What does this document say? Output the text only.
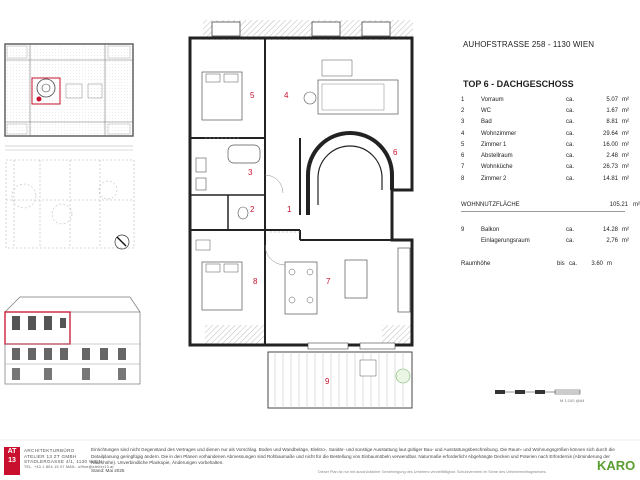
1
2
3
4
5
6
7
8
9
AUHOFSTRASSE 258 - 1130 WIEN
TOP 6 - DACHGESCHOSS
1	Vorraum	ca.	5.07	m²
2	WC	ca.	1.67	m²
3	Bad	ca.	8.81	m²
4	Wohnzimmer	ca.	29.64	m²
5	Zimmer 1	ca.	16.00	m²
6	Abstellraum	ca.	2.48	m²
7	Wohnküche	ca.	26.73	m²
8	Zimmer 2	ca.	14.81	m²
WOHNNUTZFLÄCHE	105.21 m²

9	Balkon	ca.	14.28	m²
	Einlagerungsraum	ca.	2,76	m²
Raumhöhe	bis ca. 3.60 m
M 1:100 @A4
AT 13
ARCHITEKTURBÜRO
ATELIER 13 ZT GMBH
STADLERGASSE 4/1, 1130 WIEN
TEL. +43 1 804 15 07 MAIL: office@atelier13.at
Einrichtungen sind nicht Gegenstand des Vertrages und dienen nur als Vorschlag. Boden und Wandbeläge, Elektro-, Sanitär- und sonstige Ausstattung laut gültiger Bau- und Ausstattungsbeschreibung. Die Raum- und Wohnungsgrößen können sich durch die Detailplanung geringfügig ändern. Die in den Plänen vorhandenen Abmessungen sind Rohbaumaße und nicht für die Bestellung von Einbaumöbeln verwendbar. Naturmaße erforderlich! Abgehängte Decken und Poterien nach Erfordernis (Abminderung der Raumhöhe). Unverbindliche Plankopie, Änderungen vorbehalten.
Stand: Mai 2025	Dieser Plan ist nur mit ausdrücklicher Genehmigung des Urhebers vervielfältigbar. Schutzvermerk im Sinne des Urheberrechtsgesetzes.	KARO
